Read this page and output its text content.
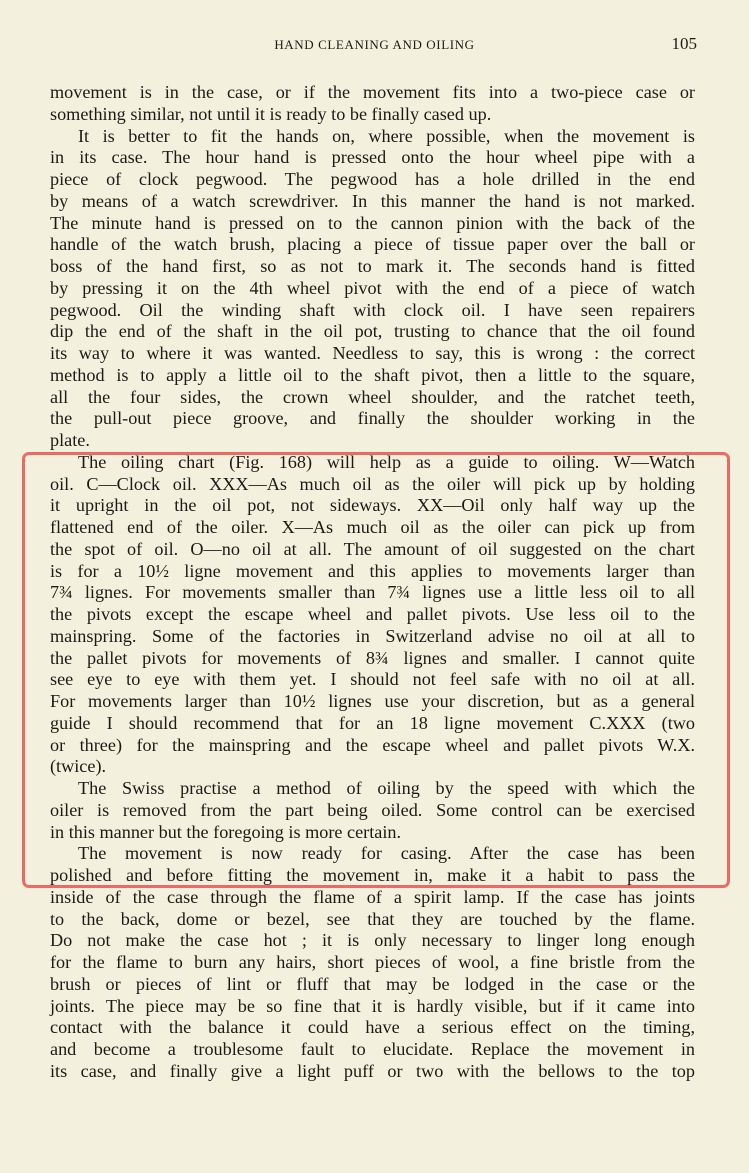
HAND CLEANING AND OILING	105
movement is in the case, or if the movement fits into a two-piece case or
something similar, not until it is ready to be finally cased up.
It is better to fit the hands on, where possible, when the movement is
in its case. The hour hand is pressed onto the hour wheel pipe with a
piece of clock pegwood. The pegwood has a hole drilled in the end
by means of a watch screwdriver. In this manner the hand is not marked.
The minute hand is pressed on to the cannon pinion with the back of the
handle of the watch brush, placing a piece of tissue paper over the ball or
boss of the hand first, so as not to mark it. The seconds hand is fitted
by pressing it on the 4th wheel pivot with the end of a piece of watch
pegwood. Oil the winding shaft with clock oil. I have seen repairers
dip the end of the shaft in the oil pot, trusting to chance that the oil found
its way to where it was wanted. Needless to say, this is wrong : the correct
method is to apply a little oil to the shaft pivot, then a little to the square,
all the four sides, the crown wheel shoulder, and the ratchet teeth,
the pull-out piece groove, and finally the shoulder working in the
plate.
The oiling chart (Fig. 168) will help as a guide to oiling. W—Watch
oil. C—Clock oil. XXX—As much oil as the oiler will pick up by holding
it upright in the oil pot, not sideways. XX—Oil only half way up the
flattened end of the oiler. X—As much oil as the oiler can pick up from
the spot of oil. O—no oil at all. The amount of oil suggested on the chart
is for a 10½ ligne movement and this applies to movements larger than
7¾ lignes. For movements smaller than 7¾ lignes use a little less oil to all
the pivots except the escape wheel and pallet pivots. Use less oil to the
mainspring. Some of the factories in Switzerland advise no oil at all to
the pallet pivots for movements of 8¾ lignes and smaller. I cannot quite
see eye to eye with them yet. I should not feel safe with no oil at all.
For movements larger than 10½ lignes use your discretion, but as a general
guide I should recommend that for an 18 ligne movement C.XXX (two
or three) for the mainspring and the escape wheel and pallet pivots W.X.
(twice).
The Swiss practise a method of oiling by the speed with which the
oiler is removed from the part being oiled. Some control can be exercised
in this manner but the foregoing is more certain.
The movement is now ready for casing. After the case has been
polished and before fitting the movement in, make it a habit to pass the
inside of the case through the flame of a spirit lamp. If the case has joints
to the back, dome or bezel, see that they are touched by the flame.
Do not make the case hot ; it is only necessary to linger long enough
for the flame to burn any hairs, short pieces of wool, a fine bristle from the
brush or pieces of lint or fluff that may be lodged in the case or the
joints. The piece may be so fine that it is hardly visible, but if it came into
contact with the balance it could have a serious effect on the timing,
and become a troublesome fault to elucidate. Replace the movement in
its case, and finally give a light puff or two with the bellows to the top
